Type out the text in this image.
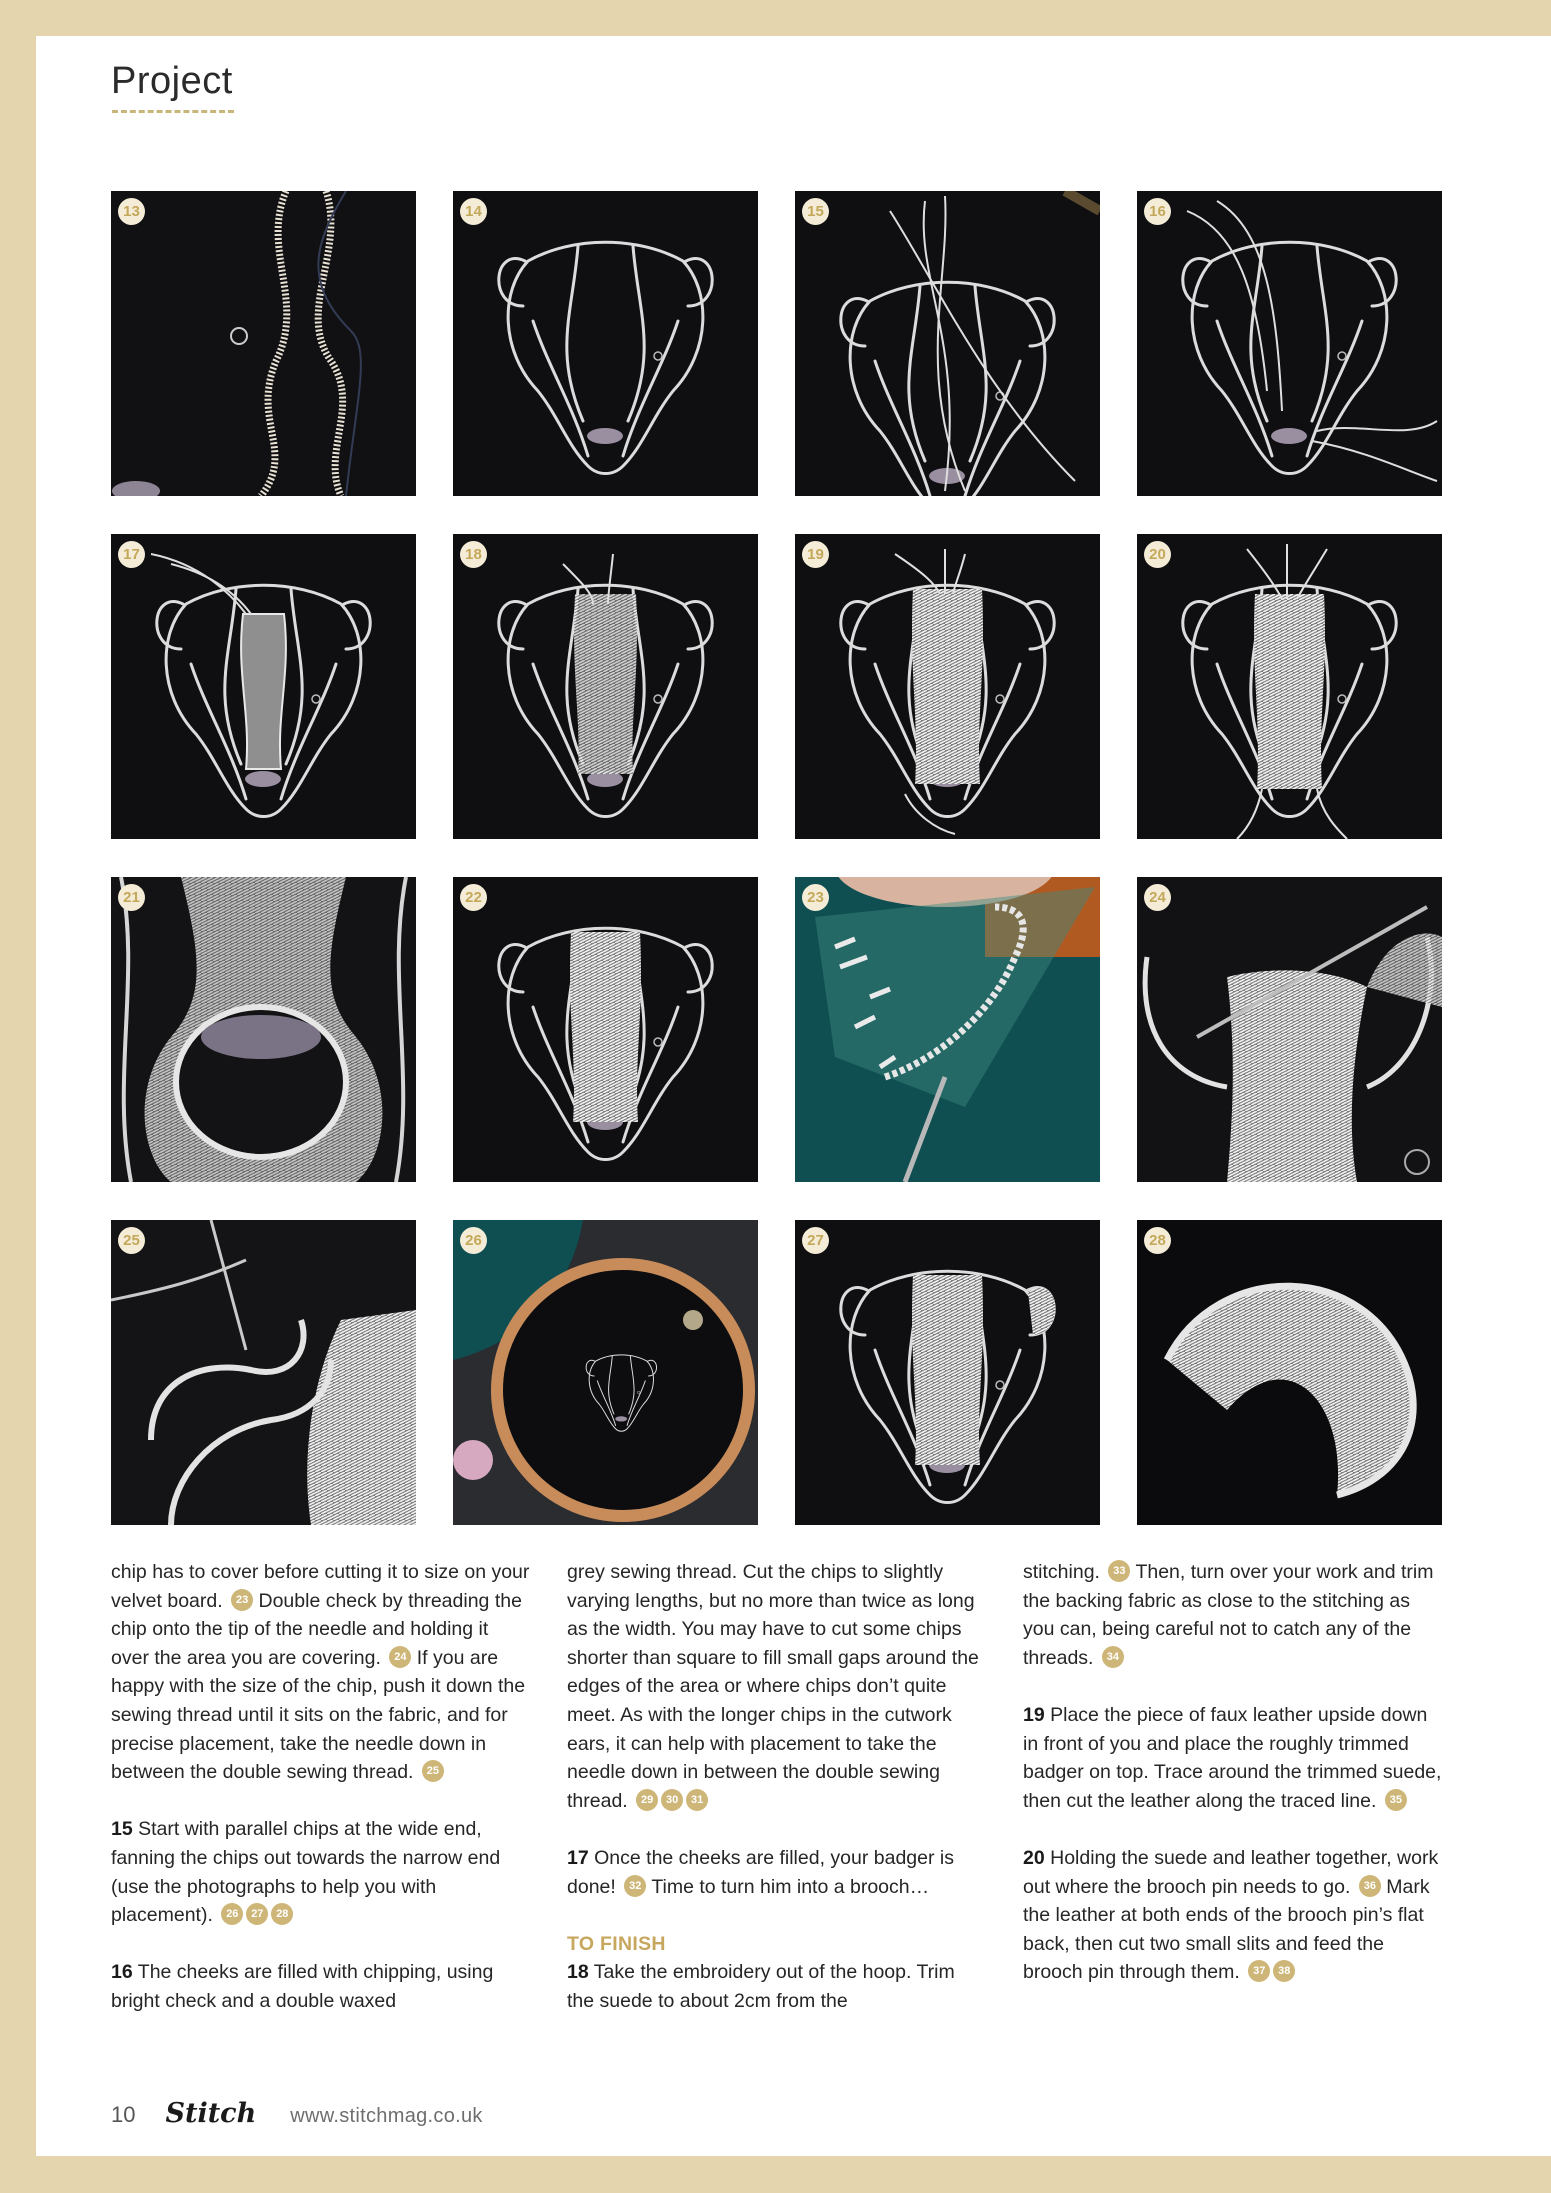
Project
13	14	15	16
17	18	19	20
21	22	23	24
25	26	27	28

chip has to cover before cutting it to size on your velvet board. 23 Double check by threading the chip onto the tip of the needle and holding it over the area you are covering. 24 If you are happy with the size of the chip, push it down the sewing thread until it sits on the fabric, and for precise placement, take the needle down in between the double sewing thread. 25

15 Start with parallel chips at the wide end, fanning the chips out towards the narrow end (use the photographs to help you with placement). 26 27 28

16 The cheeks are filled with chipping, using bright check and a double waxed

grey sewing thread. Cut the chips to slightly varying lengths, but no more than twice as long as the width. You may have to cut some chips shorter than square to fill small gaps around the edges of the area or where chips don’t quite meet. As with the longer chips in the cutwork ears, it can help with placement to take the needle down in between the double sewing thread. 29 30 31

17 Once the cheeks are filled, your badger is done! 32 Time to turn him into a brooch…

TO FINISH
18 Take the embroidery out of the hoop. Trim the suede to about 2cm from the

stitching. 33 Then, turn over your work and trim the backing fabric as close to the stitching as you can, being careful not to catch any of the threads. 34

19 Place the piece of faux leather upside down in front of you and place the roughly trimmed badger on top. Trace around the trimmed suede, then cut the leather along the traced line. 35

20 Holding the suede and leather together, work out where the brooch pin needs to go. 36 Mark the leather at both ends of the brooch pin’s flat back, then cut two small slits and feed the brooch pin through them. 37 38

10 Stitch www.stitchmag.co.uk
